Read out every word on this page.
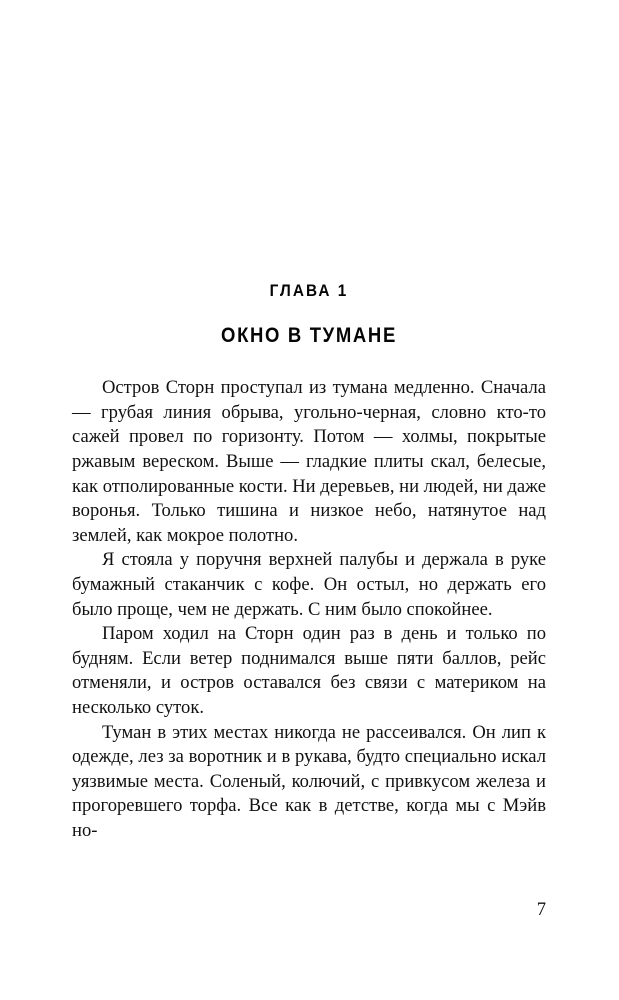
ГЛАВА 1
ОКНО В ТУМАНЕ

Остров Сторн проступал из тумана медленно. Сначала — грубая линия обрыва, угольно-черная, словно кто-то сажей провел по горизонту. Потом — холмы, покрытые ржавым вереском. Выше — гладкие плиты скал, белесые, как отполированные кости. Ни деревьев, ни людей, ни даже воронья. Только тишина и низкое небо, натянутое над землей, как мокрое полотно.

Я стояла у поручня верхней палубы и держала в руке бумажный стаканчик с кофе. Он остыл, но держать его было проще, чем не держать. С ним было спокойнее.

Паром ходил на Сторн один раз в день и только по будням. Если ветер поднимался выше пяти баллов, рейс отменяли, и остров оставался без связи с материком на несколько суток.

Туман в этих местах никогда не рассеивался. Он лип к одежде, лез за воротник и в рукава, будто специально искал уязвимые места. Соленый, колючий, с привкусом железа и прогоревшего торфа. Все как в детстве, когда мы с Мэйв но-

7
